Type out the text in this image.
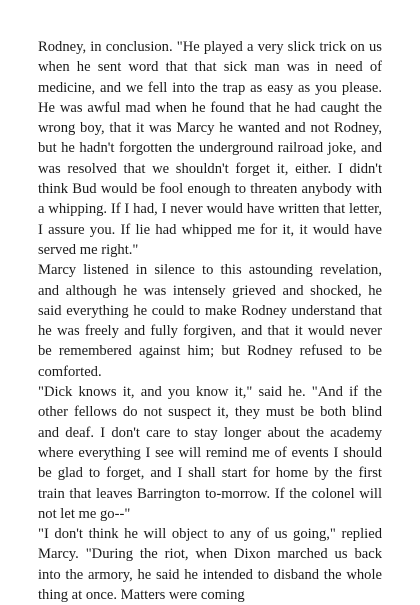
Rodney, in conclusion. "He played a very slick trick on us when he sent word that that sick man was in need of medicine, and we fell into the trap as easy as you please. He was awful mad when he found that he had caught the wrong boy, that it was Marcy he wanted and not Rodney, but he hadn't forgotten the underground railroad joke, and was resolved that we shouldn't forget it, either. I didn't think Bud would be fool enough to threaten anybody with a whipping. If I had, I never would have written that letter, I assure you. If lie had whipped me for it, it would have served me right."

Marcy listened in silence to this astounding revelation, and although he was intensely grieved and shocked, he said everything he could to make Rodney understand that he was freely and fully forgiven, and that it would never be remembered against him; but Rodney refused to be comforted.

"Dick knows it, and you know it," said he. "And if the other fellows do not suspect it, they must be both blind and deaf. I don't care to stay longer about the academy where everything I see will remind me of events I should be glad to forget, and I shall start for home by the first train that leaves Barrington to-morrow. If the colonel will not let me go--"

"I don't think he will object to any of us going," replied Marcy. "During the riot, when Dixon marched us back into the armory, he said he intended to disband the whole thing at once. Matters were coming
